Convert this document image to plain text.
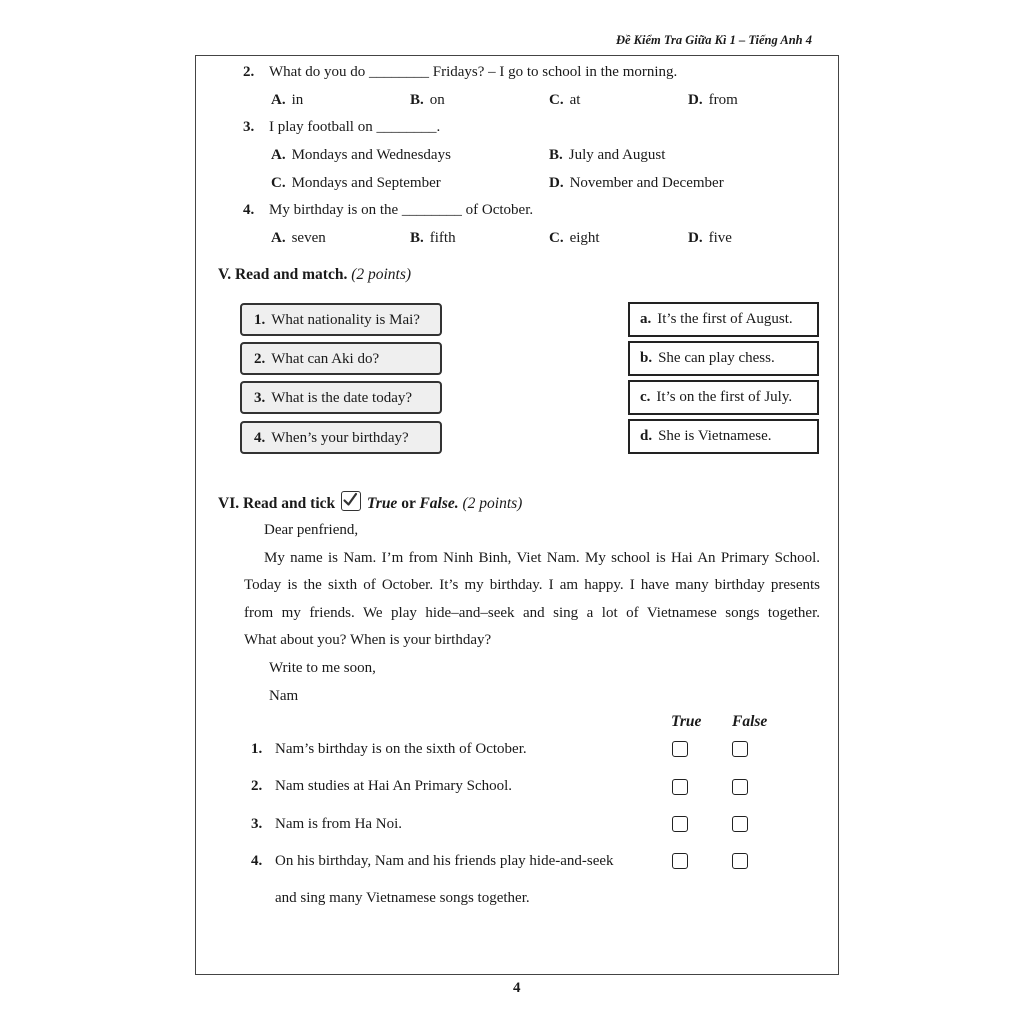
Đề Kiểm Tra Giữa Kì 1 – Tiếng Anh 4
2. What do you do ________ Fridays? – I go to school in the morning.
A. in	B. on	C. at	D. from
3. I play football on ________.
A. Mondays and Wednesdays	B. July and August
C. Mondays and September	D. November and December
4. My birthday is on the ________ of October.
A. seven	B. fifth	C. eight	D. five
V. Read and match. (2 points)
1. What nationality is Mai?
2. What can Aki do?
3. What is the date today?
4. When’s your birthday?
a. It’s the first of August.
b. She can play chess.
c. It’s on the first of July.
d. She is Vietnamese.
VI. Read and tick True or False. (2 points)
Dear penfriend,
My name is Nam. I’m from Ninh Binh, Viet Nam. My school is Hai An Primary School.
Today is the sixth of October. It’s my birthday. I am happy. I have many birthday presents
from my friends. We play hide–and–seek and sing a lot of Vietnamese songs together.
What about you? When is your birthday?
Write to me soon,
Nam
True False
1. Nam’s birthday is on the sixth of October.
2. Nam studies at Hai An Primary School.
3. Nam is from Ha Noi.
4. On his birthday, Nam and his friends play hide-and-seek
and sing many Vietnamese songs together.
4
